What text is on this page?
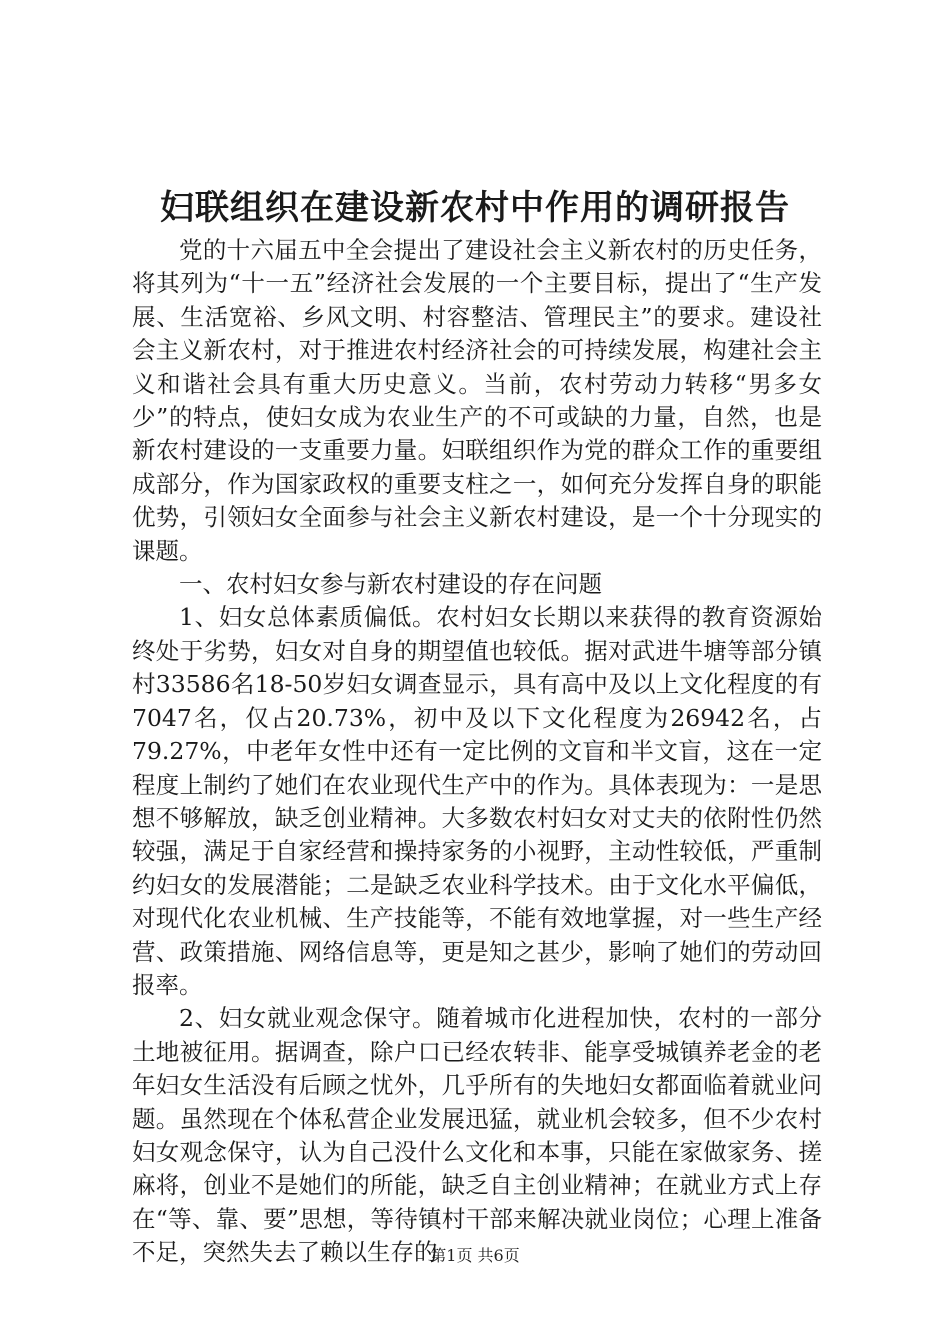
妇联组织在建设新农村中作用的调研报告

党的十六届五中全会提出了建设社会主义新农村的历史任务，将其列为“十一五”经济社会发展的一个主要目标，提出了“生产发展、生活宽裕、乡风文明、村容整洁、管理民主”的要求。建设社会主义新农村，对于推进农村经济社会的可持续发展，构建社会主义和谐社会具有重大历史意义。当前，农村劳动力转移“男多女少”的特点，使妇女成为农业生产的不可或缺的力量，自然，也是新农村建设的一支重要力量。妇联组织作为党的群众工作的重要组成部分，作为国家政权的重要支柱之一，如何充分发挥自身的职能优势，引领妇女全面参与社会主义新农村建设，是一个十分现实的课题。

一、农村妇女参与新农村建设的存在问题

1、妇女总体素质偏低。农村妇女长期以来获得的教育资源始终处于劣势，妇女对自身的期望值也较低。据对武进牛塘等部分镇村33586名18-50岁妇女调查显示，具有高中及以上文化程度的有7047名，仅占20.73%，初中及以下文化程度为26942名，占79.27%，中老年女性中还有一定比例的文盲和半文盲，这在一定程度上制约了她们在农业现代生产中的作为。具体表现为：一是思想不够解放，缺乏创业精神。大多数农村妇女对丈夫的依附性仍然较强，满足于自家经营和操持家务的小视野，主动性较低，严重制约妇女的发展潜能；二是缺乏农业科学技术。由于文化水平偏低，对现代化农业机械、生产技能等，不能有效地掌握，对一些生产经营、政策措施、网络信息等，更是知之甚少，影响了她们的劳动回报率。

2、妇女就业观念保守。随着城市化进程加快，农村的一部分土地被征用。据调查，除户口已经农转非、能享受城镇养老金的老年妇女生活没有后顾之忧外，几乎所有的失地妇女都面临着就业问题。虽然现在个体私营企业发展迅猛，就业机会较多，但不少农村妇女观念保守，认为自己没什么文化和本事，只能在家做家务、搓麻将，创业不是她们的所能，缺乏自主创业精神；在就业方式上存在“等、靠、要”思想，等待镇村干部来解决就业岗位；心理上准备不足，突然失去了赖以生存的

第1页 共6页
